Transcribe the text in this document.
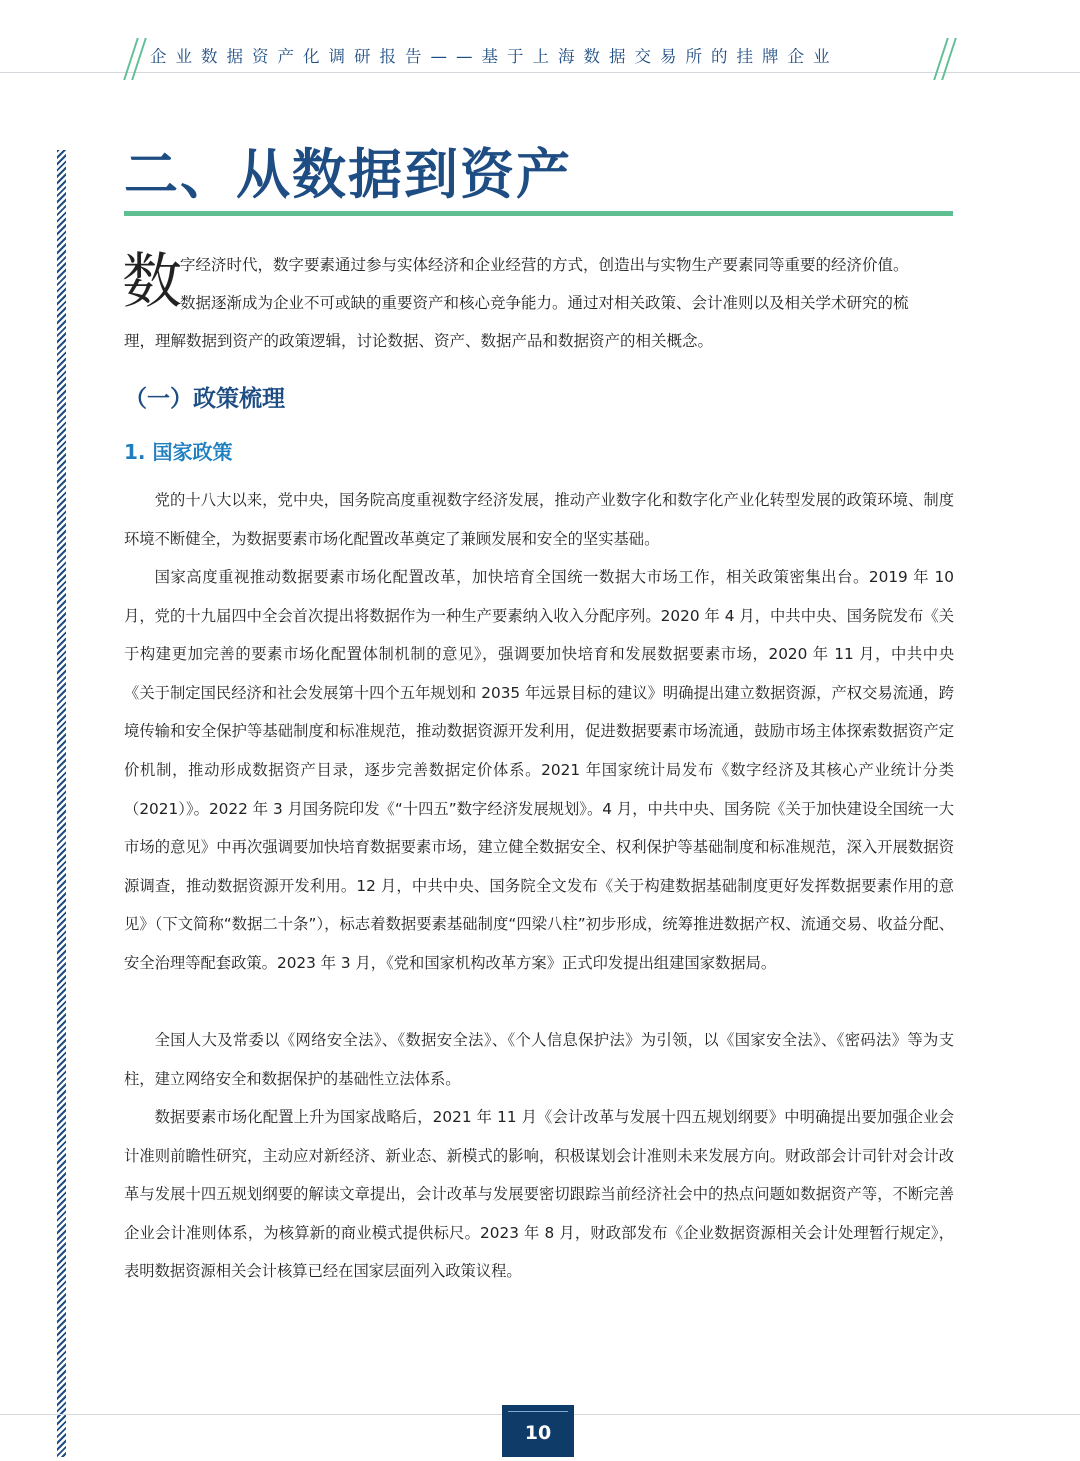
企业数据资产化调研报告——基于上海数据交易所的挂牌企业
二、从数据到资产
数
字经济时代，数字要素通过参与实体经济和企业经营的方式，创造出与实物生产要素同等重要的经济价值。
数据逐渐成为企业不可或缺的重要资产和核心竞争能力。通过对相关政策、会计准则以及相关学术研究的梳
理，理解数据到资产的政策逻辑，讨论数据、资产、数据产品和数据资产的相关概念。
（一）政策梳理
1. 国家政策

党的十八大以来，党中央，国务院高度重视数字经济发展，推动产业数字化和数字化产业化转型发展的政策环境、制度环境不断健全，为数据要素市场化配置改革奠定了兼顾发展和安全的坚实基础。

国家高度重视推动数据要素市场化配置改革，加快培育全国统一数据大市场工作，相关政策密集出台。2019 年 10 月，党的十九届四中全会首次提出将数据作为一种生产要素纳入收入分配序列。2020 年 4 月，中共中央、国务院发布《关于构建更加完善的要素市场化配置体制机制的意见》，强调要加快培育和发展数据要素市场，2020 年 11 月，中共中央《关于制定国民经济和社会发展第十四个五年规划和 2035 年远景目标的建议》明确提出建立数据资源，产权交易流通，跨境传输和安全保护等基础制度和标准规范，推动数据资源开发利用，促进数据要素市场流通，鼓励市场主体探索数据资产定价机制，推动形成数据资产目录，逐步完善数据定价体系。2021 年国家统计局发布《数字经济及其核心产业统计分类（2021）》。2022 年 3 月国务院印发《“十四五”数字经济发展规划》。4 月，中共中央、国务院《关于加快建设全国统一大市场的意见》中再次强调要加快培育数据要素市场，建立健全数据安全、权利保护等基础制度和标准规范，深入开展数据资源调查，推动数据资源开发利用。12 月，中共中央、国务院全文发布《关于构建数据基础制度更好发挥数据要素作用的意见》（下文简称“数据二十条”），标志着数据要素基础制度“四梁八柱”初步形成，统筹推进数据产权、流通交易、收益分配、安全治理等配套政策。2023 年 3 月，《党和国家机构改革方案》正式印发提出组建国家数据局。

全国人大及常委以《网络安全法》、《数据安全法》、《个人信息保护法》为引领，以《国家安全法》、《密码法》等为支柱，建立网络安全和数据保护的基础性立法体系。

数据要素市场化配置上升为国家战略后，2021 年 11 月《会计改革与发展十四五规划纲要》中明确提出要加强企业会计准则前瞻性研究，主动应对新经济、新业态、新模式的影响，积极谋划会计准则未来发展方向。财政部会计司针对会计改革与发展十四五规划纲要的解读文章提出，会计改革与发展要密切跟踪当前经济社会中的热点问题如数据资产等，不断完善企业会计准则体系，为核算新的商业模式提供标尺。2023 年 8 月，财政部发布《企业数据资源相关会计处理暂行规定》，表明数据资源相关会计核算已经在国家层面列入政策议程。

10
